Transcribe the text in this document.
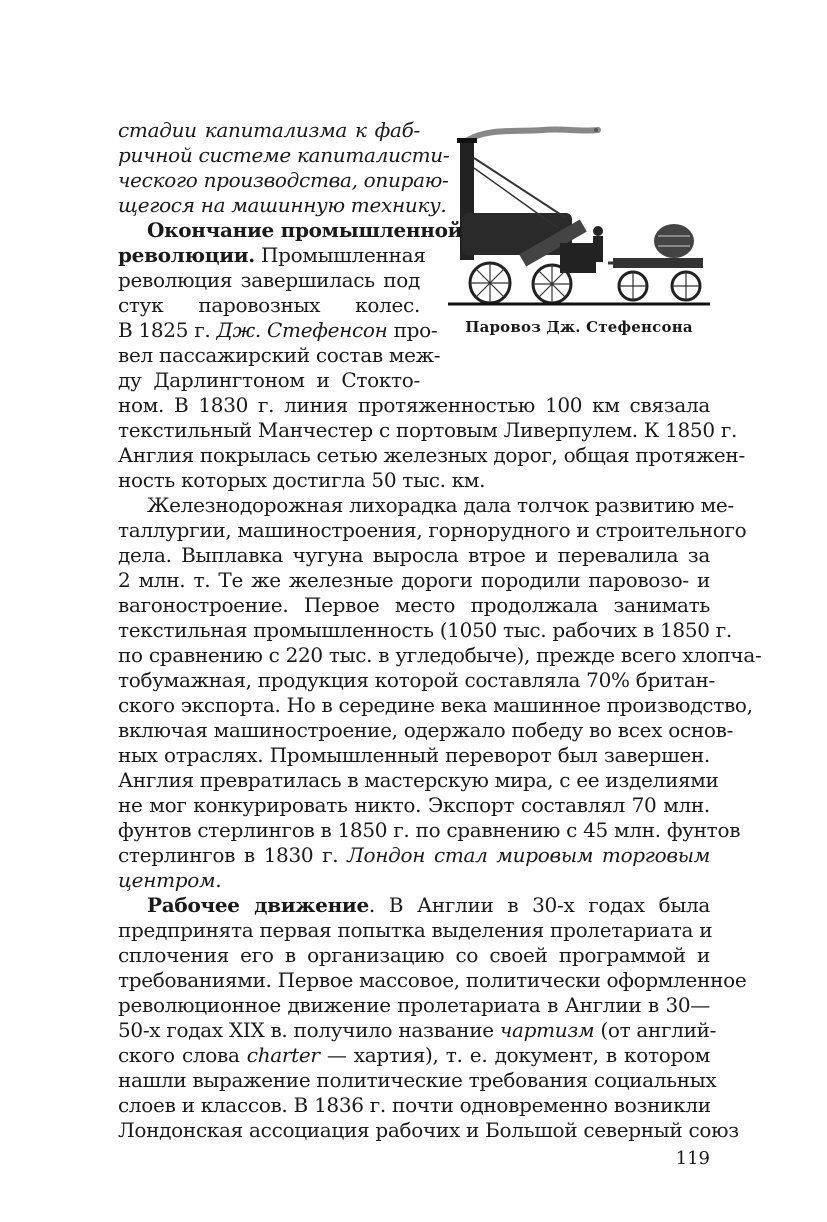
Паровоз Дж. Стефенсона
стадии капитализма к фаб-
ричной системе капиталисти-
ческого производства, опираю-
щегося на машинную технику.
Окончание промышленной
революции. Промышленная
революция завершилась под
стук паровозных колес.
В 1825 г. Дж. Стефенсон про-
вел пассажирский состав меж-
ду Дарлингтоном и Стоктo-
ном. В 1830 г. линия протяженностью 100 км связала
текстильный Манчестер с портовым Ливерпулем. К 1850 г.
Англия покрылась сетью железных дорог, общая протяжен-
ность которых достигла 50 тыс. км.
Железнодорожная лихорадка дала толчок развитию ме-
таллургии, машиностроения, горнорудного и строительного
дела. Выплавка чугуна выросла втрое и перевалила за
2 млн. т. Те же железные дороги породили паровозо- и
вагоностроение. Первое место продолжала занимать
текстильная промышленность (1050 тыс. рабочих в 1850 г.
по сравнению с 220 тыс. в угледобыче), прежде всего хлопча-
тобумажная, продукция которой составляла 70% британ-
ского экспорта. Но в середине века машинное производство,
включая машиностроение, одержало победу во всех основ-
ных отраслях. Промышленный переворот был завершен.
Англия превратилась в мастерскую мира, с ее изделиями
не мог конкурировать никто. Экспорт составлял 70 млн.
фунтов стерлингов в 1850 г. по сравнению с 45 млн. фунтов
стерлингов в 1830 г. Лондон стал мировым торговым
центром.
Рабочее движение. В Англии в 30-х годах была
предпринята первая попытка выделения пролетариата и
сплочения его в организацию со своей программой и
требованиями. Первое массовое, политически оформленное
революционное движение пролетариата в Англии в 30—
50-х годах XIX в. получило название чартизм (от англий-
ского слова charter — хартия), т. е. документ, в котором
нашли выражение политические требования социальных
слоев и классов. В 1836 г. почти одновременно возникли
Лондонская ассоциация рабочих и Большой северный союз
119
